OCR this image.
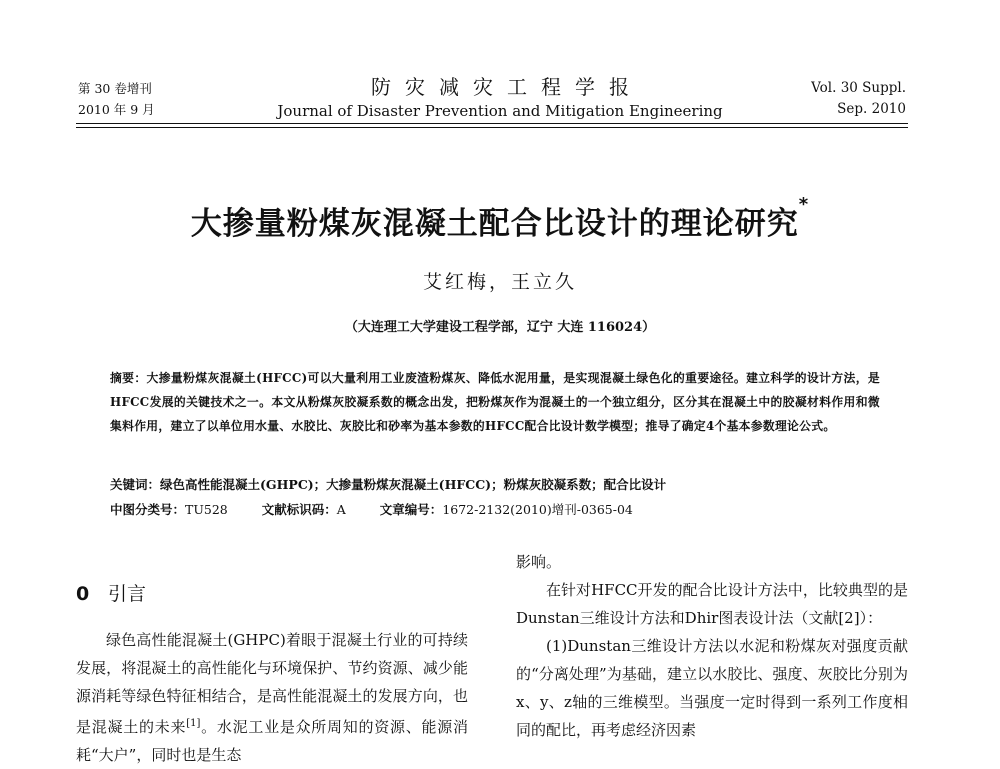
第 30 卷增刊
2010 年 9 月
防灾减灾工程学报
Journal of Disaster Prevention and Mitigation Engineering
Vol. 30 Suppl.
Sep. 2010
大掺量粉煤灰混凝土配合比设计的理论研究*
艾红梅，王立久
（大连理工大学建设工程学部，辽宁 大连 116024）
摘要：大掺量粉煤灰混凝土(HFCC)可以大量利用工业废渣粉煤灰、降低水泥用量，是实现混凝土绿色化的重要途径。建立科学的设计方法，是HFCC发展的关键技术之一。本文从粉煤灰胶凝系数的概念出发，把粉煤灰作为混凝土的一个独立组分，区分其在混凝土中的胶凝材料作用和微集料作用，建立了以单位用水量、水胶比、灰胶比和砂率为基本参数的HFCC配合比设计数学模型；推导了确定4个基本参数理论公式。
关键词：绿色高性能混凝土(GHPC)；大掺量粉煤灰混凝土(HFCC)；粉煤灰胶凝系数；配合比设计
中图分类号：TU528	文献标识码：A	文章编号：1672-2132(2010)增刊-0365-04
0 引言

绿色高性能混凝土(GHPC)着眼于混凝土行业的可持续发展，将混凝土的高性能化与环境保护、节约资源、减少能源消耗等绿色特征相结合，是高性能混凝土的发展方向，也是混凝土的未来[1]。水泥工业是众所周知的资源、能源消耗“大户”，同时也是生态

影响。

在针对HFCC开发的配合比设计方法中，比较典型的是Dunstan三维设计方法和Dhir图表设计法（文献[2]）：

(1)Dunstan三维设计方法以水泥和粉煤灰对强度贡献的“分离处理”为基础，建立以水胶比、强度、灰胶比分别为x、y、z轴的三维模型。当强度一定时得到一系列工作度相同的配比，再考虑经济因素
